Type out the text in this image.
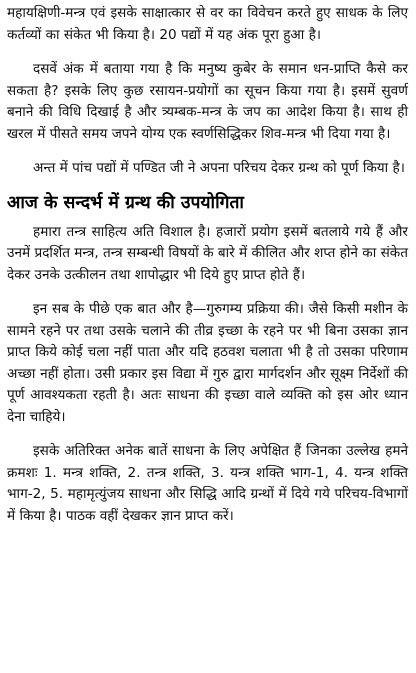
महायक्षिणी-मन्त्र एवं इसके साक्षात्कार से वर का विवेचन करते हुए साधक के लिए कर्तव्यों का संकेत भी किया है। 20 पद्यों में यह अंक पूरा हुआ है।

दसवें अंक में बताया गया है कि मनुष्य कुबेर के समान धन-प्राप्ति कैसे कर सकता है? इसके लिए कुछ रसायन-प्रयोगों का सूचन किया गया है। इसमें सुवर्ण बनाने की विधि दिखाई है और त्र्यम्बक-मन्त्र के जप का आदेश किया है। साथ ही खरल में पीसते समय जपने योग्य एक स्वर्णसिद्धिकर शिव-मन्त्र भी दिया गया है।

अन्त में पांच पद्यों में पण्डित जी ने अपना परिचय देकर ग्रन्थ को पूर्ण किया है।

आज के सन्दर्भ में ग्रन्थ की उपयोगिता

हमारा तन्त्र साहित्य अति विशाल है। हजारों प्रयोग इसमें बतलाये गये हैं और उनमें प्रदर्शित मन्त्र, तन्त्र सम्बन्धी विषयों के बारे में कीलित और शप्त होने का संकेत देकर उनके उत्कीलन तथा शापोद्धार भी दिये हुए प्राप्त होते हैं।

इन सब के पीछे एक बात और है—गुरुगम्य प्रक्रिया की। जैसे किसी मशीन के सामने रहने पर तथा उसके चलाने की तीव्र इच्छा के रहने पर भी बिना उसका ज्ञान प्राप्त किये कोई चला नहीं पाता और यदि हठवश चलाता भी है तो उसका परिणाम अच्छा नहीं होता। उसी प्रकार इस विद्या में गुरु द्वारा मार्गदर्शन और सूक्ष्म निर्देशों की पूर्ण आवश्यकता रहती है। अतः साधना की इच्छा वाले व्यक्ति को इस ओर ध्यान देना चाहिये।

इसके अतिरिक्त अनेक बातें साधना के लिए अपेक्षित हैं जिनका उल्लेख हमने क्रमशः 1. मन्त्र शक्ति, 2. तन्त्र शक्ति, 3. यन्त्र शक्ति भाग-1, 4. यन्त्र शक्ति भाग-2, 5. महामृत्युंजय साधना और सिद्धि आदि ग्रन्थों में दिये गये परिचय-विभागों में किया है। पाठक वहीं देखकर ज्ञान प्राप्त करें।
